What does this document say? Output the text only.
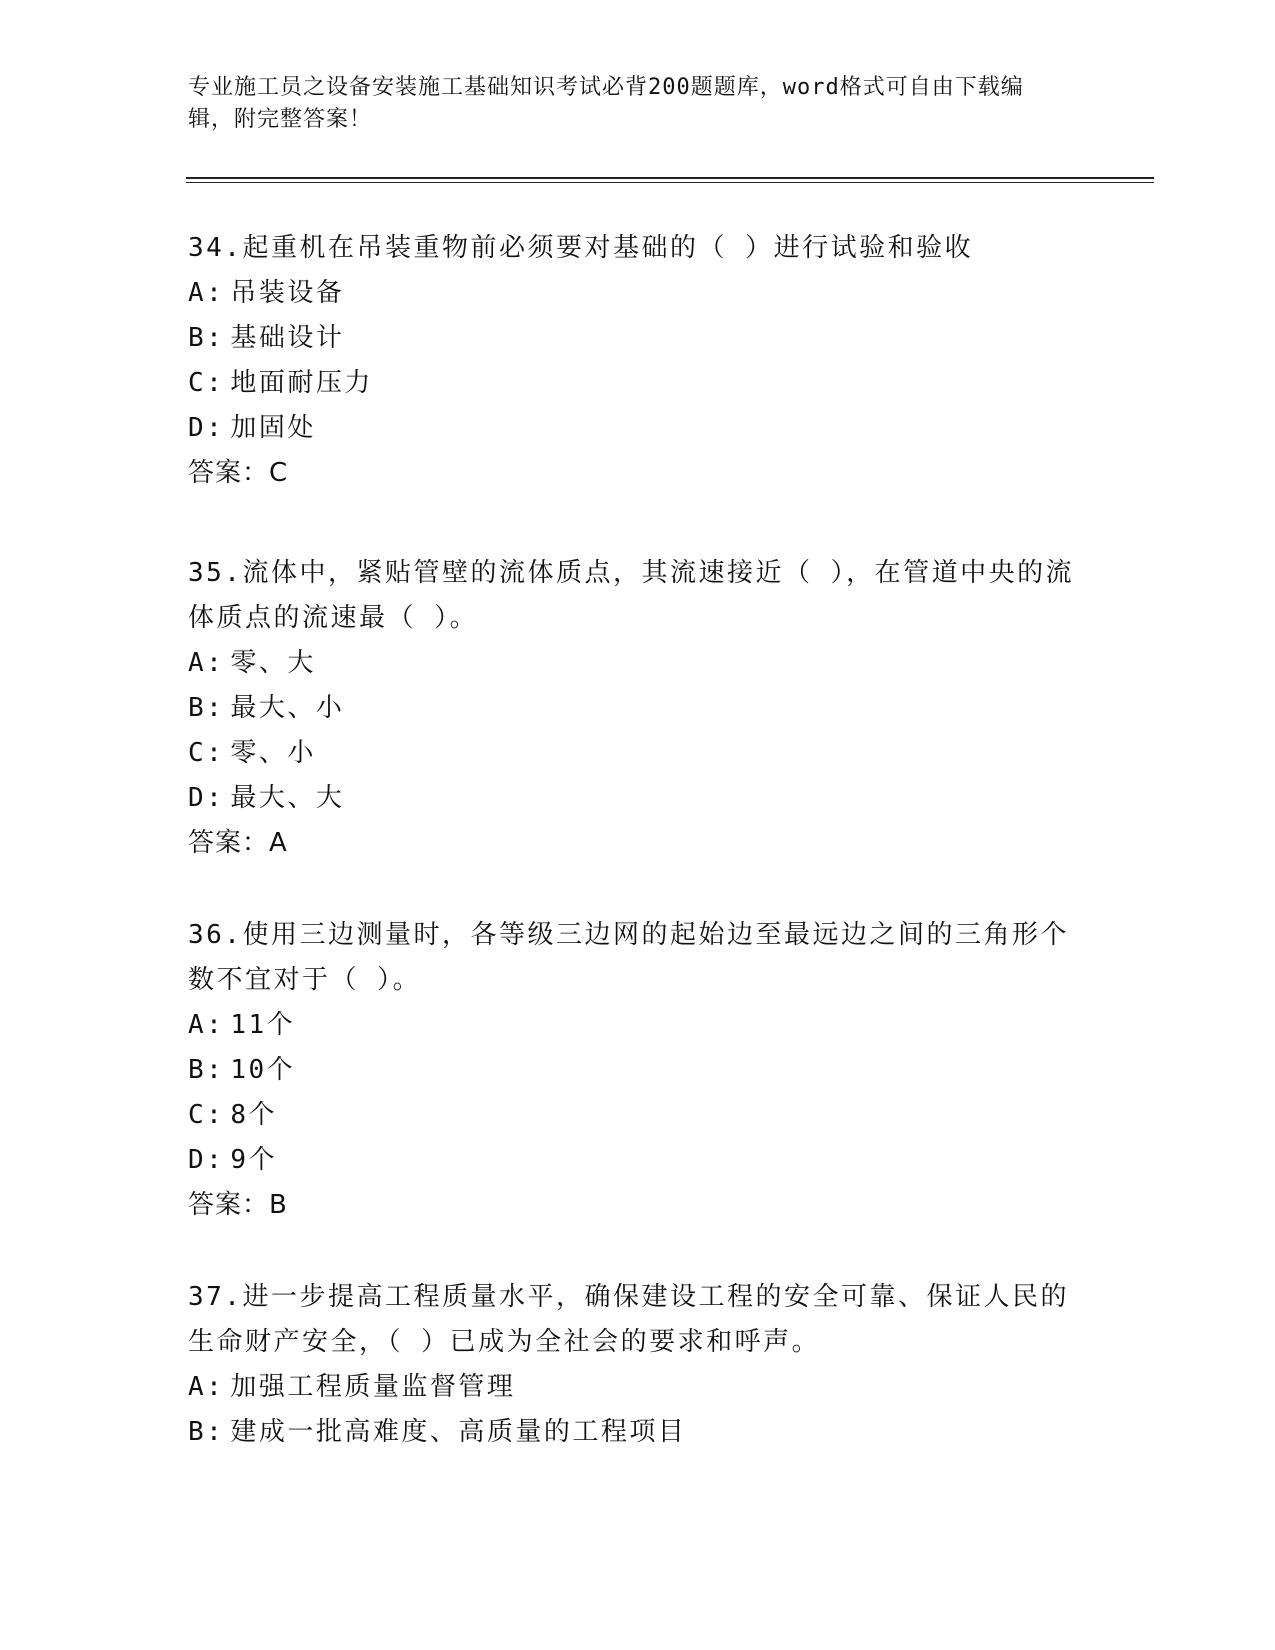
专业施工员之设备安装施工基础知识考试必背200题题库，word格式可自由下载编辑，附完整答案！

34.起重机在吊装重物前必须要对基础的（ ）进行试验和验收

A: 吊装设备

B: 基础设计

C: 地面耐压力

D: 加固处

答案：C

35.流体中，紧贴管壁的流体质点，其流速接近（ ），在管道中央的流体质点的流速最（ ）。

A: 零、大

B: 最大、小

C: 零、小

D: 最大、大

答案：A

36.使用三边测量时，各等级三边网的起始边至最远边之间的三角形个数不宜对于（ ）。

A: 11个

B: 10个

C: 8个

D: 9个

答案：B

37.进一步提高工程质量水平，确保建设工程的安全可靠、保证人民的生命财产安全，（ ）已成为全社会的要求和呼声。

A: 加强工程质量监督管理

B: 建成一批高难度、高质量的工程项目
